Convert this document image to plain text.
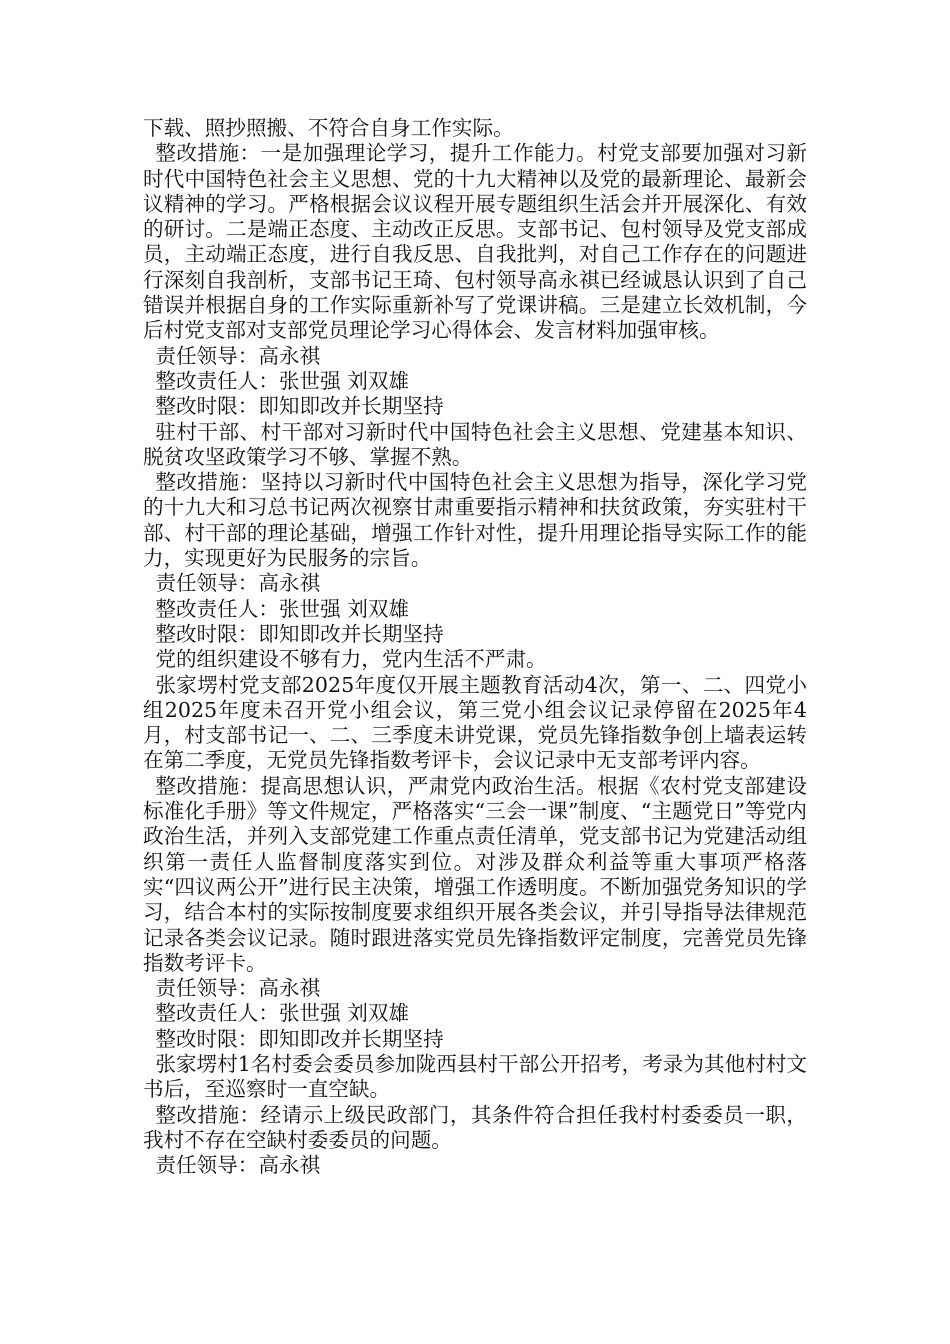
下载、照抄照搬、不符合自身工作实际。

整改措施：一是加强理论学习，提升工作能力。村党支部要加强对习新时代中国特色社会主义思想、党的十九大精神以及党的最新理论、最新会议精神的学习。严格根据会议议程开展专题组织生活会并开展深化、有效的研讨。二是端正态度、主动改正反思。支部书记、包村领导及党支部成员，主动端正态度，进行自我反思、自我批判，对自己工作存在的问题进行深刻自我剖析，支部书记王琦、包村领导高永祺已经诚恳认识到了自己错误并根据自身的工作实际重新补写了党课讲稿。三是建立长效机制，今后村党支部对支部党员理论学习心得体会、发言材料加强审核。

责任领导：高永祺

整改责任人：张世强 刘双雄

整改时限：即知即改并长期坚持

驻村干部、村干部对习新时代中国特色社会主义思想、党建基本知识、脱贫攻坚政策学习不够、掌握不熟。

整改措施：坚持以习新时代中国特色社会主义思想为指导，深化学习党的十九大和习总书记两次视察甘肃重要指示精神和扶贫政策，夯实驻村干部、村干部的理论基础，增强工作针对性，提升用理论指导实际工作的能力，实现更好为民服务的宗旨。

责任领导：高永祺

整改责任人：张世强 刘双雄

整改时限：即知即改并长期坚持

党的组织建设不够有力，党内生活不严肃。

张家塄村党支部2025年度仅开展主题教育活动4次，第一、二、四党小组2025年度未召开党小组会议，第三党小组会议记录停留在2025年4月，村支部书记一、二、三季度未讲党课，党员先锋指数争创上墙表运转在第二季度，无党员先锋指数考评卡，会议记录中无支部考评内容。

整改措施：提高思想认识，严肃党内政治生活。根据《农村党支部建设标准化手册》等文件规定，严格落实“三会一课”制度、“主题党日”等党内政治生活，并列入支部党建工作重点责任清单，党支部书记为党建活动组织第一责任人监督制度落实到位。对涉及群众利益等重大事项严格落实“四议两公开”进行民主决策，增强工作透明度。不断加强党务知识的学习，结合本村的实际按制度要求组织开展各类会议，并引导指导法律规范记录各类会议记录。随时跟进落实党员先锋指数评定制度，完善党员先锋指数考评卡。

责任领导：高永祺

整改责任人：张世强 刘双雄

整改时限：即知即改并长期坚持

张家塄村1名村委会委员参加陇西县村干部公开招考，考录为其他村村文书后，至巡察时一直空缺。

整改措施：经请示上级民政部门，其条件符合担任我村村委委员一职，我村不存在空缺村委委员的问题。

责任领导：高永祺
